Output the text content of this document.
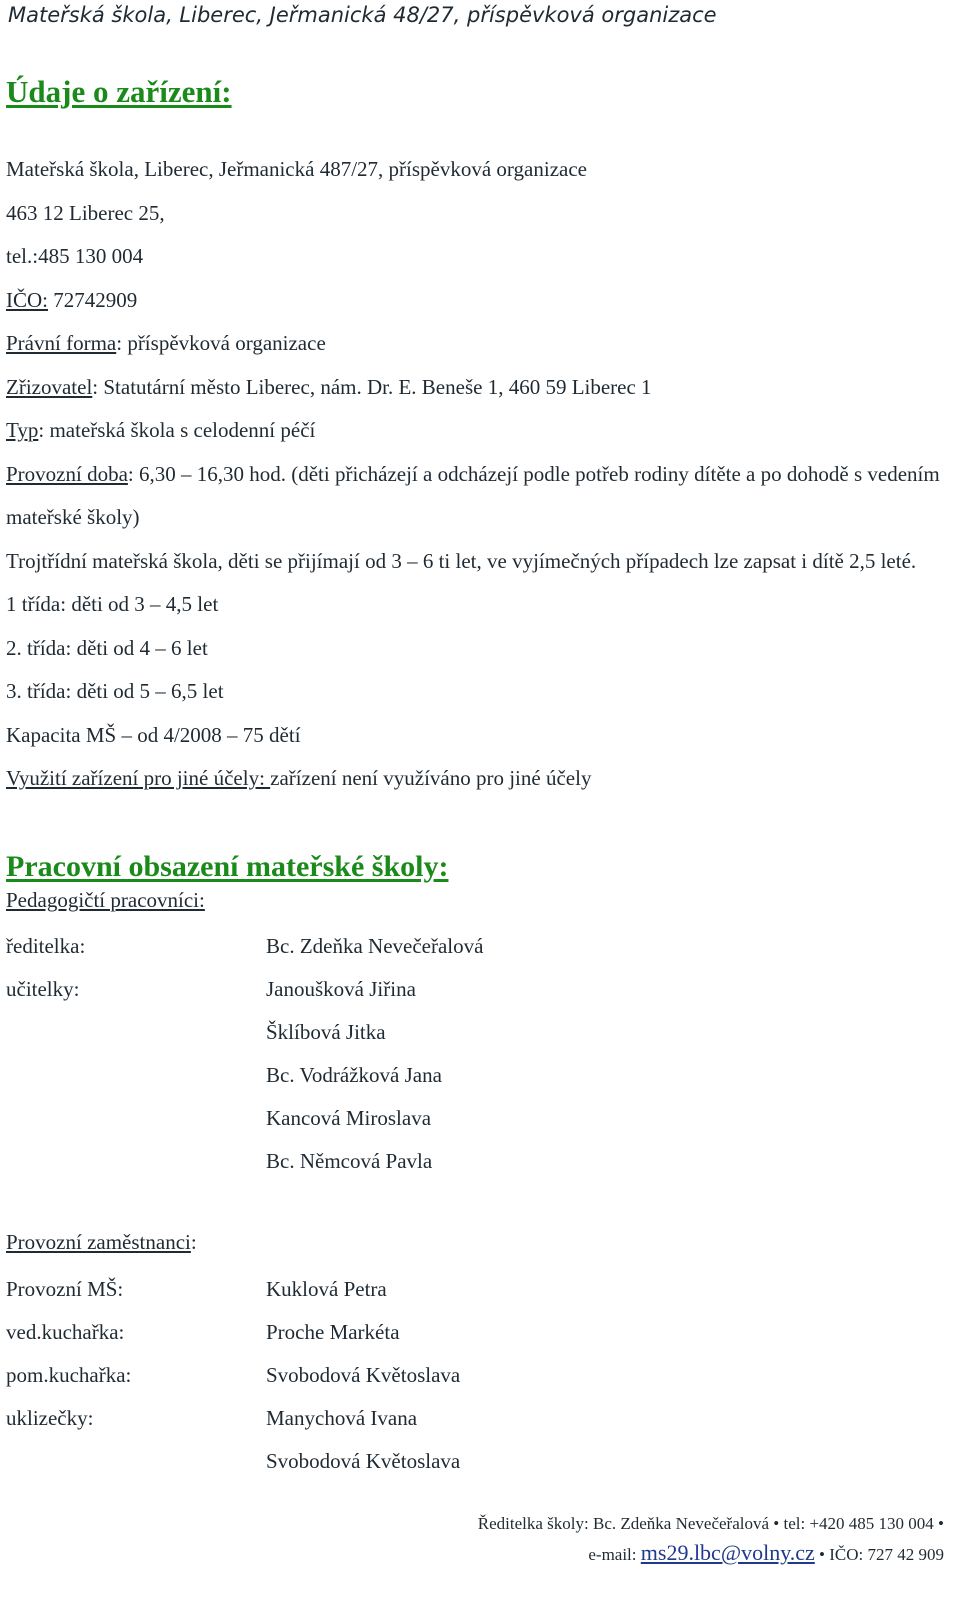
Mateřská škola, Liberec, Jeřmanická 48/27, příspěvková organizace
Údaje o zařízení:
Mateřská škola, Liberec, Jeřmanická 487/27, příspěvková organizace
463 12 Liberec 25,
tel.:485 130 004
IČO: 72742909
Právní forma: příspěvková organizace
Zřizovatel: Statutární město Liberec, nám. Dr. E. Beneše 1, 460 59 Liberec 1
Typ: mateřská škola s celodenní péčí
Provozní doba: 6,30 – 16,30 hod. (děti přicházejí a odcházejí podle potřeb rodiny dítěte a po dohodě s vedením mateřské školy)
Trojtřídní mateřská škola, děti se přijímají od 3 – 6 ti let, ve vyjímečných případech lze zapsat i dítě 2,5 leté.
1 třída: děti od 3 – 4,5 let
2. třída: děti od 4 – 6 let
3. třída: děti od 5 – 6,5 let
Kapacita MŠ – od 4/2008 – 75 dětí
Využití zařízení pro jiné účely: zařízení není využíváno pro jiné účely
Pracovní obsazení mateřské školy:
Pedagogičtí pracovníci:
ředitelka:	Bc. Zdeňka Nevečeřalová
učitelky:	Janoušková Jiřina
Šklíbová Jitka
Bc. Vodrážková Jana
Kancová Miroslava
Bc. Němcová Pavla
Provozní zaměstnanci:
Provozní MŠ:	Kuklová Petra
ved.kuchařka:	Proche Markéta
pom.kuchařka:	Svobodová Květoslava
uklizečky:	Manychová Ivana
Svobodová Květoslava
Ředitelka školy: Bc. Zdeňka Nevečeřalová • tel: +420 485 130 004 •
e-mail: ms29.lbc@volny.cz • IČO: 727 42 909
